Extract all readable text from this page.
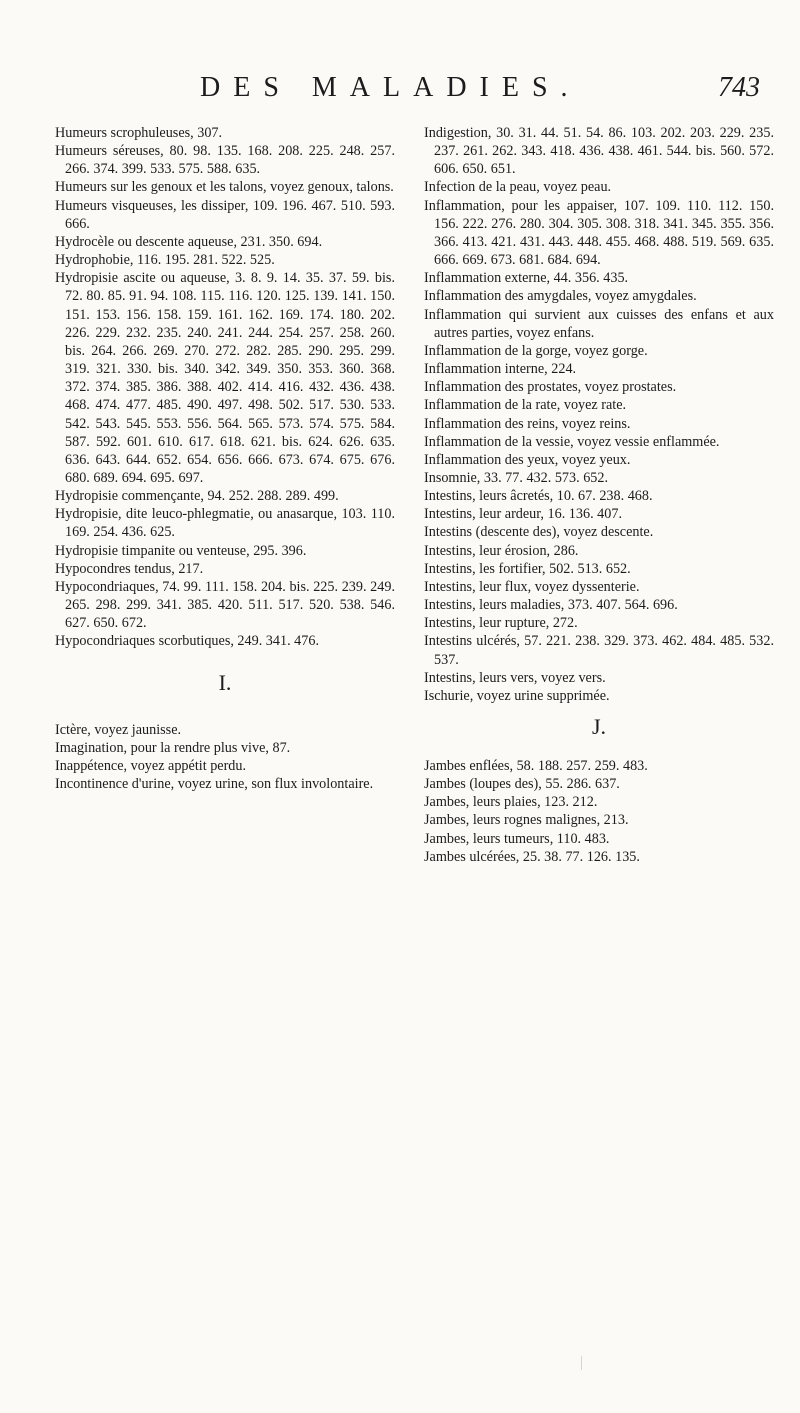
DES MALADIES.	743

Humeurs scrophuleuses, 307.

Humeurs séreuses, 80. 98. 135. 168. 208. 225. 248. 257. 266. 374. 399. 533. 575. 588. 635.

Humeurs sur les genoux et les talons, voyez genoux, talons.

Humeurs visqueuses, les dissiper, 109. 196. 467. 510. 593. 666.

Hydrocèle ou descente aqueuse, 231. 350. 694.

Hydrophobie, 116. 195. 281. 522. 525.

Hydropisie ascite ou aqueuse, 3. 8. 9. 14. 35. 37. 59. bis. 72. 80. 85. 91. 94. 108. 115. 116. 120. 125. 139. 141. 150. 151. 153. 156. 158. 159. 161. 162. 169. 174. 180. 202. 226. 229. 232. 235. 240. 241. 244. 254. 257. 258. 260. bis. 264. 266. 269. 270. 272. 282. 285. 290. 295. 299. 319. 321. 330. bis. 340. 342. 349. 350. 353. 360. 368. 372. 374. 385. 386. 388. 402. 414. 416. 432. 436. 438. 468. 474. 477. 485. 490. 497. 498. 502. 517. 530. 533. 542. 543. 545. 553. 556. 564. 565. 573. 574. 575. 584. 587. 592. 601. 610. 617. 618. 621. bis. 624. 626. 635. 636. 643. 644. 652. 654. 656. 666. 673. 674. 675. 676. 680. 689. 694. 695. 697.

Hydropisie commençante, 94. 252. 288. 289. 499.

Hydropisie, dite leuco-phlegmatie, ou anasarque, 103. 110. 169. 254. 436. 625.

Hydropisie timpanite ou venteuse, 295. 396.

Hypocondres tendus, 217.

Hypocondriaques, 74. 99. 111. 158. 204. bis. 225. 239. 249. 265. 298. 299. 341. 385. 420. 511. 517. 520. 538. 546. 627. 650. 672.

Hypocondriaques scorbutiques, 249. 341. 476.

I.

Ictère, voyez jaunisse.

Imagination, pour la rendre plus vive, 87.

Inappétence, voyez appétit perdu.

Incontinence d'urine, voyez urine, son flux involontaire.

Indigestion, 30. 31. 44. 51. 54. 86. 103. 202. 203. 229. 235. 237. 261. 262. 343. 418. 436. 438. 461. 544. bis. 560. 572. 606. 650. 651.

Infection de la peau, voyez peau.

Inflammation, pour les appaiser, 107. 109. 110. 112. 150. 156. 222. 276. 280. 304. 305. 308. 318. 341. 345. 355. 356. 366. 413. 421. 431. 443. 448. 455. 468. 488. 519. 569. 635. 666. 669. 673. 681. 684. 694.

Inflammation externe, 44. 356. 435.

Inflammation des amygdales, voyez amygdales.

Inflammation qui survient aux cuisses des enfans et aux autres parties, voyez enfans.

Inflammation de la gorge, voyez gorge.

Inflammation interne, 224.

Inflammation des prostates, voyez prostates.

Inflammation de la rate, voyez rate.

Inflammation des reins, voyez reins.

Inflammation de la vessie, voyez vessie enflammée.

Inflammation des yeux, voyez yeux.

Insomnie, 33. 77. 432. 573. 652.

Intestins, leurs âcretés, 10. 67. 238. 468.

Intestins, leur ardeur, 16. 136. 407.

Intestins (descente des), voyez descente.

Intestins, leur érosion, 286.

Intestins, les fortifier, 502. 513. 652.

Intestins, leur flux, voyez dyssenterie.

Intestins, leurs maladies, 373. 407. 564. 696.

Intestins, leur rupture, 272.

Intestins ulcérés, 57. 221. 238. 329. 373. 462. 484. 485. 532. 537.

Intestins, leurs vers, voyez vers.

Ischurie, voyez urine supprimée.

J.

Jambes enflées, 58. 188. 257. 259. 483.

Jambes (loupes des), 55. 286. 637.

Jambes, leurs plaies, 123. 212.

Jambes, leurs rognes malignes, 213.

Jambes, leurs tumeurs, 110. 483.

Jambes ulcérées, 25. 38. 77. 126. 135.
